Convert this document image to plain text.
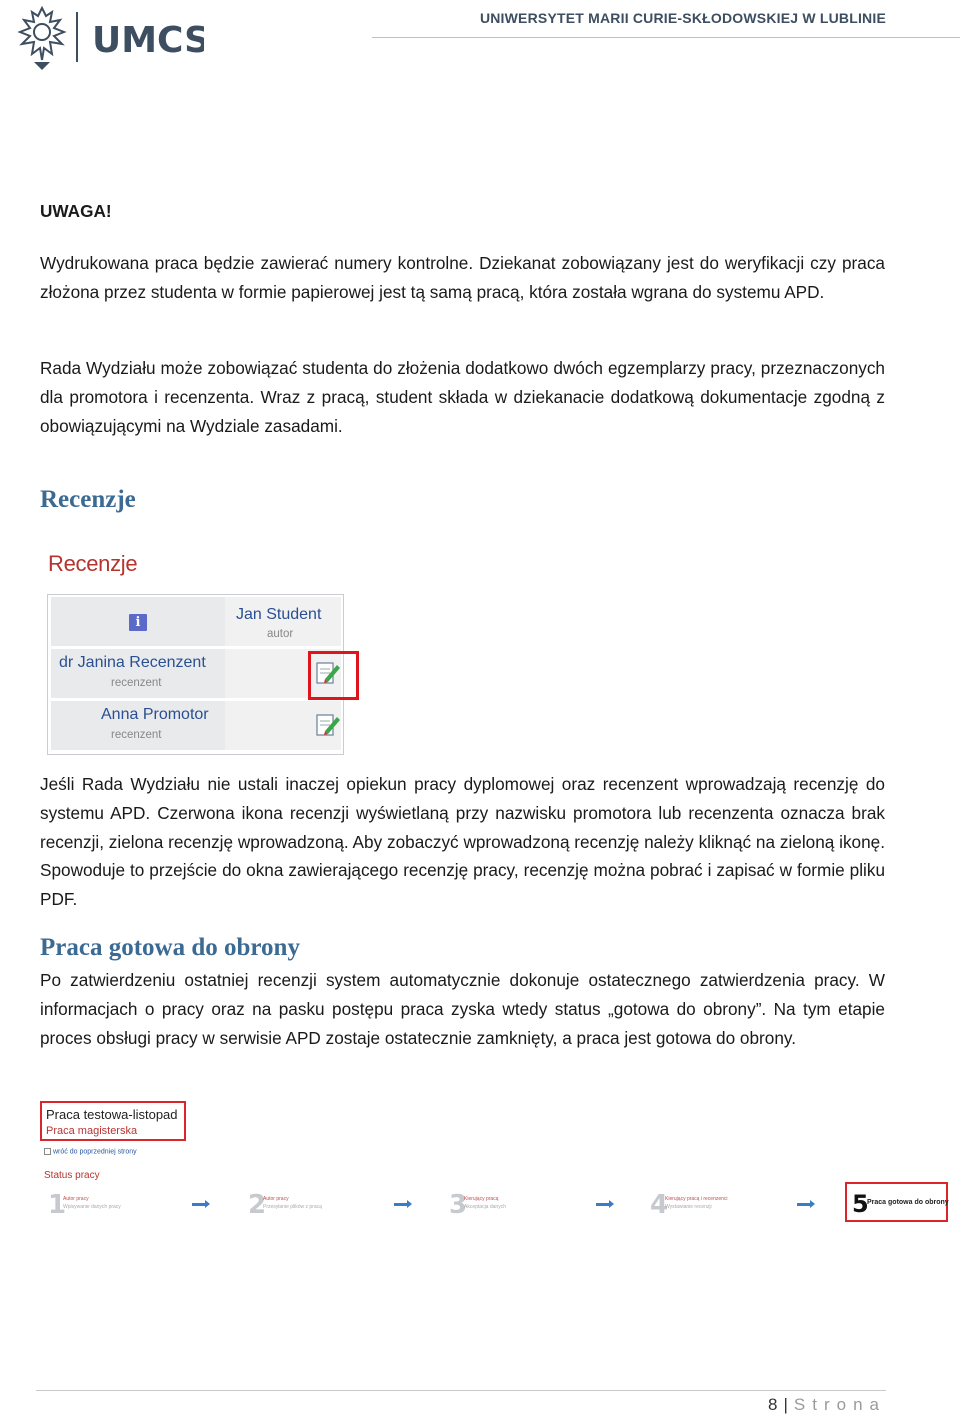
UMCS
UNIWERSYTET MARII CURIE-SKŁODOWSKIEJ W LUBLINIE
UWAGA!
Wydrukowana praca będzie zawierać numery kontrolne. Dziekanat zobowiązany jest do weryfikacji czy praca złożona przez studenta w formie papierowej jest tą samą pracą, która została wgrana do systemu APD.
Rada Wydziału może zobowiązać studenta do złożenia dodatkowo dwóch egzemplarzy pracy, przeznaczonych dla promotora i recenzenta. Wraz z pracą, student składa w dziekanacie dodatkową dokumentacje zgodną z obowiązującymi na Wydziale zasadami.
Recenzje
Recenzje
i	Jan Student
autor
dr Janina Recenzent
recenzent
Anna Promotor
recenzent
Jeśli Rada Wydziału nie ustali inaczej opiekun pracy dyplomowej oraz recenzent wprowadzają recenzję do systemu APD. Czerwona ikona recenzji wyświetlaną przy nazwisku promotora lub recenzenta oznacza brak recenzji, zielona recenzję wprowadzoną. Aby zobaczyć wprowadzoną recenzję należy kliknąć na zieloną ikonę. Spowoduje to przejście do okna zawierającego recenzję pracy, recenzję można pobrać i zapisać w formie pliku PDF.
Praca gotowa do obrony
Po zatwierdzeniu ostatniej recenzji system automatycznie dokonuje ostatecznego zatwierdzenia pracy. W informacjach o pracy oraz na pasku postępu praca zyska wtedy status „gotowa do obrony”. Na tym etapie proces obsługi pracy w serwisie APD zostaje ostatecznie zamknięty, a praca jest gotowa do obrony.
Praca testowa-listopad
Praca magisterska
wróć do poprzedniej strony
Status pracy
1
Autor pracy
Wpisywanie danych pracy	2
Autor pracy
Przesyłanie plików z pracą	3
Kierujący pracą
Akceptacja danych	4
Kierujący pracą i recenzenci
Wystawianie recenzji	5
Praca gotowa do obrony
8 | Strona
